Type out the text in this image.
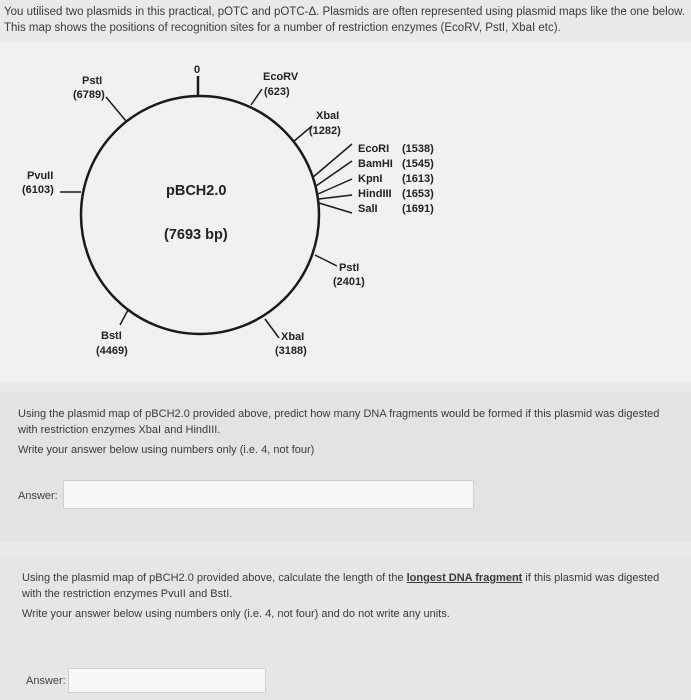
You utilised two plasmids in this practical, pOTC and pOTC-Δ. Plasmids are often represented using plasmid maps like the one below.
This map shows the positions of recognition sites for a number of restriction enzymes (EcoRV, PstI, XbaI etc).
0
PstI
(6789)
EcoRV
(623)
XbaI
(1282)
EcoRI (1538)
BamHI (1545)
KpnI (1613)
HindIII (1653)
SalI (1691)
PvuII
(6103)
PstI
(2401)
BstI
(4469)
XbaI
(3188)
pBCH2.0
(7693 bp)
Using the plasmid map of pBCH2.0 provided above, predict how many DNA fragments would be formed if this plasmid was digested
with restriction enzymes XbaI and HindIII.
Write your answer below using numbers only (i.e. 4, not four)
Answer:
Using the plasmid map of pBCH2.0 provided above, calculate the length of the longest DNA fragment if this plasmid was digested
with the restriction enzymes PvuII and BstI.
Write your answer below using numbers only (i.e. 4, not four) and do not write any units.
Answer:
